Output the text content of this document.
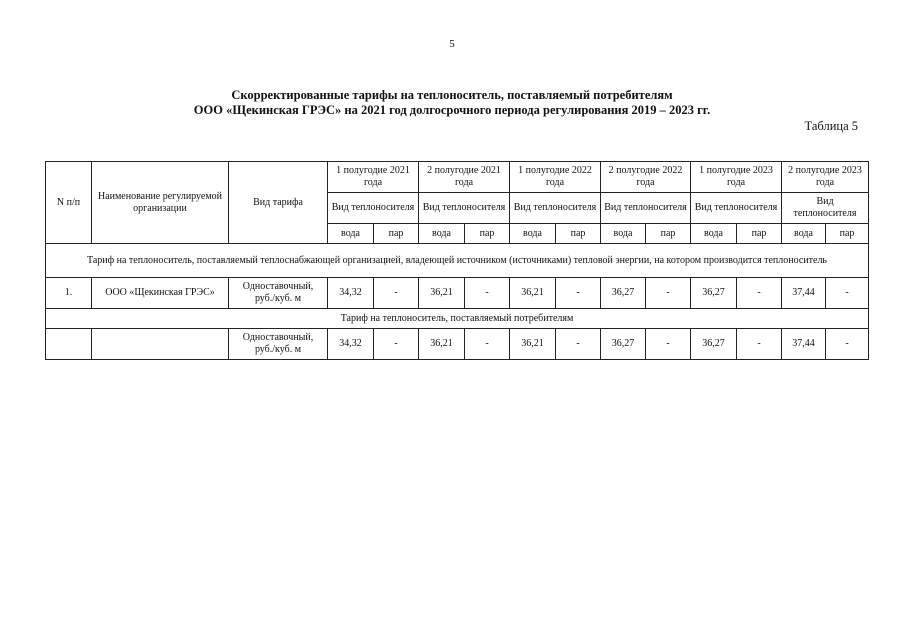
5
Скорректированные тарифы на теплоноситель, поставляемый потребителям
ООО «Щекинская ГРЭС» на 2021 год долгосрочного периода регулирования 2019 – 2023 гг.
Таблица 5
N п/п	Наименование регулируемой организации	Вид тарифа	1 полугодие 2021 года		2 полугодие 2021 года		1 полугодие 2022 года		2 полугодие 2022 года		1 полугодие 2023 года		2 полугодие 2023 года	
			Вид теплоносителя		Вид теплоносителя		Вид теплоносителя		Вид теплоносителя		Вид теплоносителя		Вид теплоносителя	
			вода	пар	вода	пар	вода	пар	вода	пар	вода	пар	вода	пар
Тариф на теплоноситель, поставляемый теплоснабжающей организацией, владеющей источником (источниками) тепловой энергии, на котором производится теплоноситель														
1.	ООО «Щекинская ГРЭС»	Одноставочный, руб./куб. м	34,32	-	36,21	-	36,21	-	36,27	-	36,27	-	37,44	-
Тариф на теплоноситель, поставляемый потребителям														
		Одноставочный, руб./куб. м	34,32	-	36,21	-	36,21	-	36,27	-	36,27	-	37,44	-
